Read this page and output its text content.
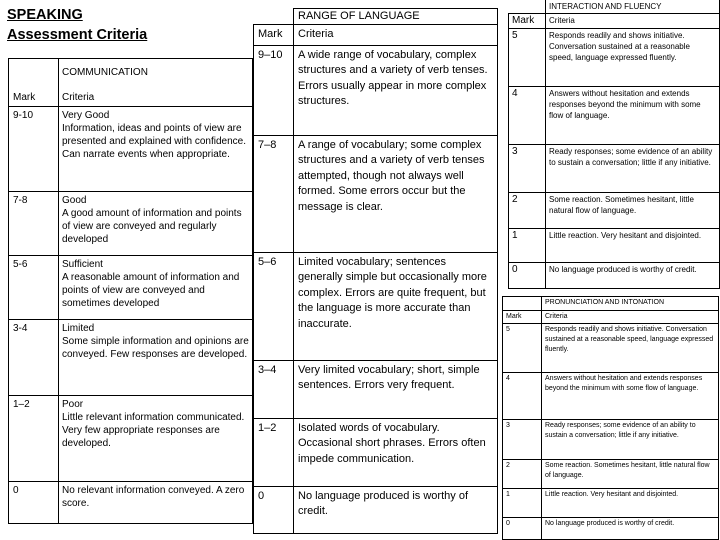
SPEAKING
Assessment Criteria
Mark	COMMUNICATION
Criteria

9-10	Very Good
Information, ideas and points of view are presented and explained with confidence. Can narrate events when appropriate.

7-8	Good
A good amount of information and points of view are conveyed and regularly developed

5-6	Sufficient
A reasonable amount of information and points of view are conveyed and sometimes developed

3-4	Limited
Some simple information and opinions are conveyed. Few responses are developed.

1–2	Poor
Little relevant information communicated.
Very few appropriate responses are developed.

0	No relevant information conveyed. A zero score.
	RANGE OF LANGUAGE
Mark	Criteria
9–10	A wide range of vocabulary, complex structures and a variety of verb tenses. Errors usually appear in more complex structures.
7–8	A range of vocabulary; some complex structures and a variety of verb tenses attempted, though not always well formed. Some errors occur but the message is clear.
5–6	Limited vocabulary; sentences generally simple but occasionally more complex. Errors are quite frequent, but the language is more accurate than inaccurate.
3–4	Very limited vocabulary; short, simple sentences. Errors very frequent.
1–2	Isolated words of vocabulary. Occasional short phrases. Errors often impede communication.
0	No language produced is worthy of credit.
	INTERACTION AND FLUENCY
Mark	Criteria
5	Responds readily and shows initiative. Conversation sustained at a reasonable speed, language expressed fluently.
4	Answers without hesitation and extends responses beyond the minimum with some flow of language.
3	Ready responses; some evidence of an ability to sustain a conversation; little if any initiative.
2	Some reaction. Sometimes hesitant, little natural flow of language.
1	Little reaction. Very hesitant and disjointed.
0	No language produced is worthy of credit.
	PRONUNCIATION AND INTONATION
Mark	Criteria
5	Responds readily and shows initiative. Conversation sustained at a reasonable speed, language expressed fluently.
4	Answers without hesitation and extends responses beyond the minimum with some flow of language.
3	Ready responses; some evidence of an ability to sustain a conversation; little if any initiative.
2	Some reaction. Sometimes hesitant, little natural flow of language.
1	Little reaction. Very hesitant and disjointed.
0	No language produced is worthy of credit.
